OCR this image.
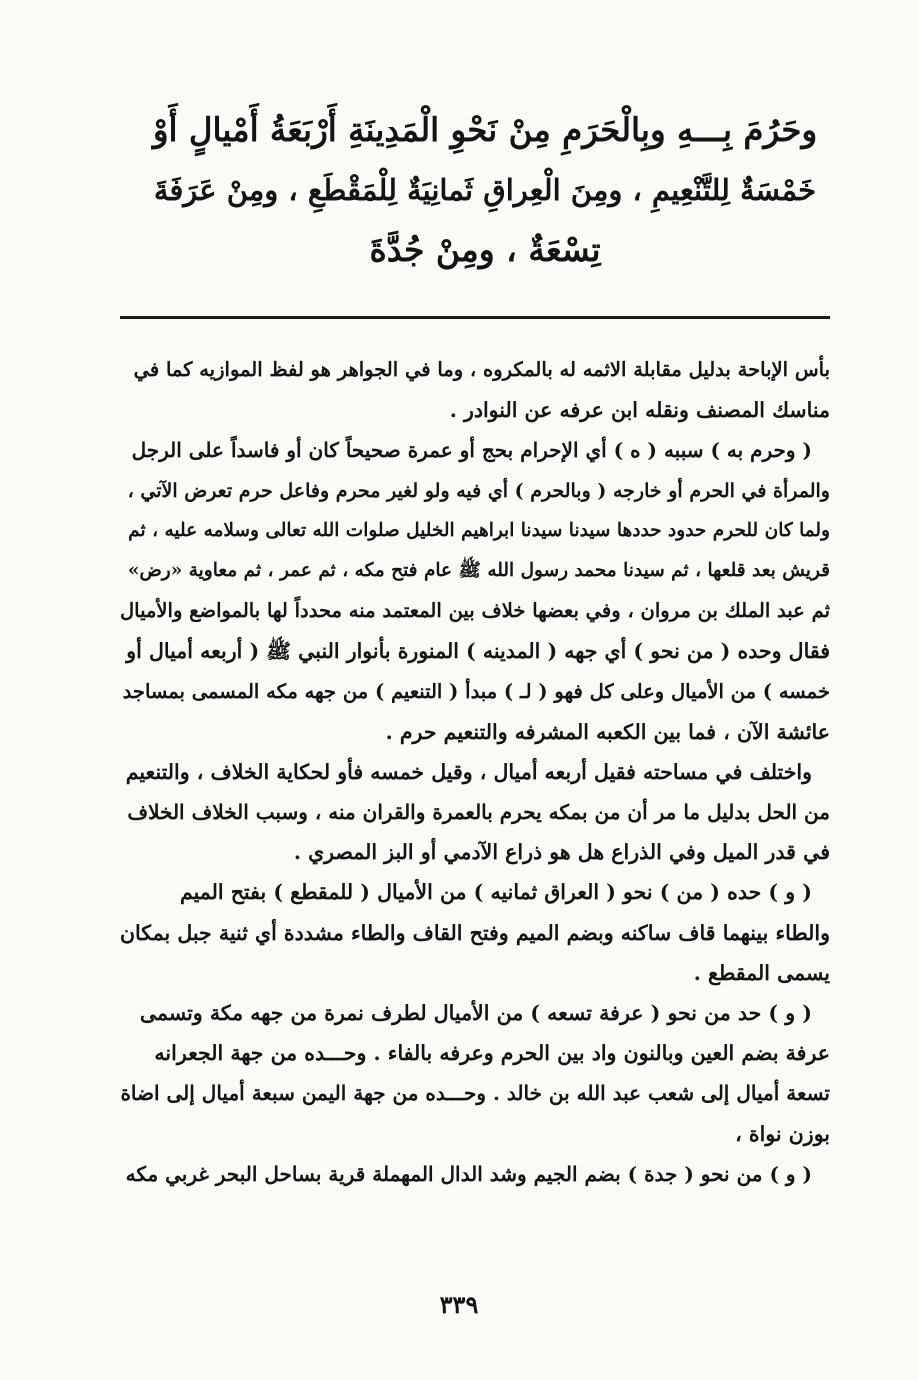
وحَرُمَ بِـــهِ وبِالْحَرَمِ مِنْ نَحْوِ الْمَدِينَةِ أَرْبَعَةُ أَمْيالٍ أَوْ
خَمْسَةٌ لِلتَّنْعِيمِ ، ومِنَ الْعِراقِ ثَمانِيَةٌ لِلْمَقْطَعِ ، ومِنْ عَرَفَةَ
تِسْعَةٌ ، ومِنْ جُدَّةَ
بأس الإباحة بدليل مقابلة الاثمه له بالمكروه ، وما في الجواهر هو لفظ الموازيه كما في
مناسك المصنف ونقله ابن عرفه عن النوادر .
( وحرم به ) سببه ( ه ) أي الإحرام بحج أو عمرة صحيحاً كان أو فاسداً على الرجل
والمرأة في الحرم أو خارجه ( وبالحرم ) أي فيه ولو لغير محرم وفاعل حرم تعرض الآتي ،
ولما كان للحرم حدود حددها سيدنا سيدنا ابراهيم الخليل صلوات الله تعالى وسلامه عليه ، ثم
قريش بعد قلعها ، ثم سيدنا محمد رسول الله ﷺ عام فتح مكه ، ثم عمر ، ثم معاوية «رض»
ثم عبد الملك بن مروان ، وفي بعضها خلاف بين المعتمد منه محدداً لها بالمواضع والأميال
فقال وحده ( من نحو ) أي جهه ( المدينه ) المنورة بأنوار النبي ﷺ ( أربعه أميال أو
خمسه ) من الأميال وعلى كل فهو ( لـ ) مبدأ ( التنعيم ) من جهه مكه المسمى بمساجد
عائشة الآن ، فما بين الكعبه المشرفه والتنعيم حرم .
واختلف في مساحته فقيل أربعه أميال ، وقيل خمسه فأو لحكاية الخلاف ، والتنعيم
من الحل بدليل ما مر أن من بمكه يحرم بالعمرة والقران منه ، وسبب الخلاف الخلاف
في قدر الميل وفي الذراع هل هو ذراع الآدمي أو البز المصري .
( و ) حده ( من ) نحو ( العراق ثمانيه ) من الأميال ( للمقطع ) بفتح الميم
والطاء بينهما قاف ساكنه وبضم الميم وفتح القاف والطاء مشددة أي ثنية جبل بمكان
يسمى المقطع .
( و ) حد من نحو ( عرفة تسعه ) من الأميال لطرف نمرة من جهه مكة وتسمى
عرفة بضم العين وبالنون واد بين الحرم وعرفه بالفاء . وحـــده من جهة الجعرانه
تسعة أميال إلى شعب عبد الله بن خالد . وحـــده من جهة اليمن سبعة أميال إلى اضاة
بوزن نواة ،
( و ) من نحو ( جدة ) بضم الجيم وشد الدال المهملة قرية بساحل البحر غربي مكه
٣٣٩
